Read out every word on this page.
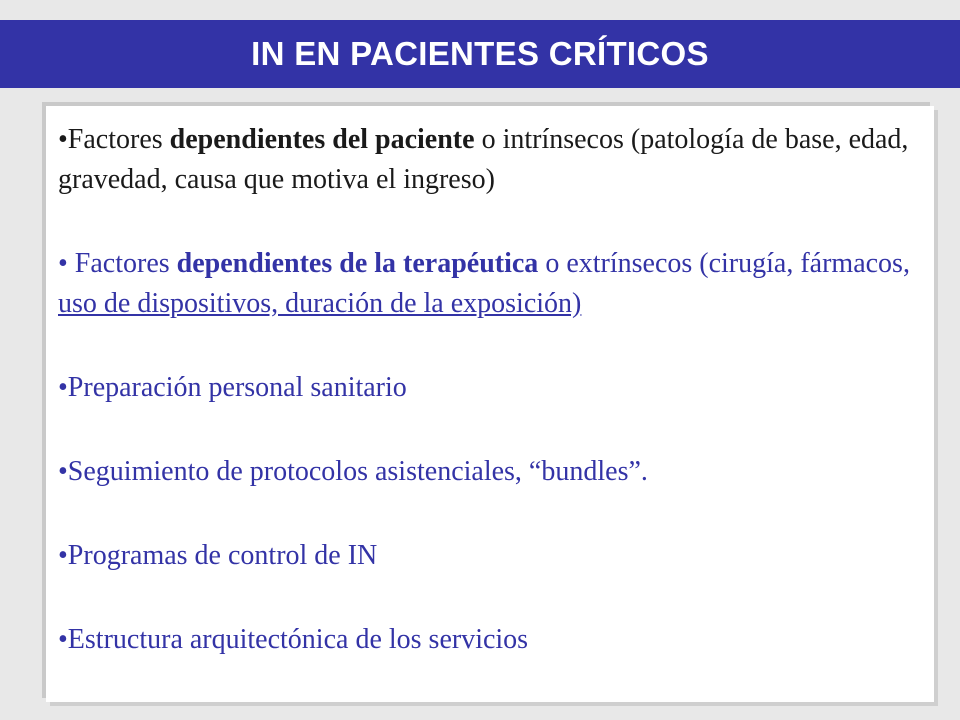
IN EN PACIENTES CRÍTICOS

•Factores dependientes del paciente o intrínsecos (patología de base, edad, gravedad, causa que motiva el ingreso)

• Factores dependientes de la terapéutica o extrínsecos (cirugía, fármacos, uso de dispositivos, duración de la exposición)

•Preparación personal sanitario

•Seguimiento de protocolos asistenciales, “bundles”.

•Programas de control de IN

•Estructura arquitectónica de los servicios
